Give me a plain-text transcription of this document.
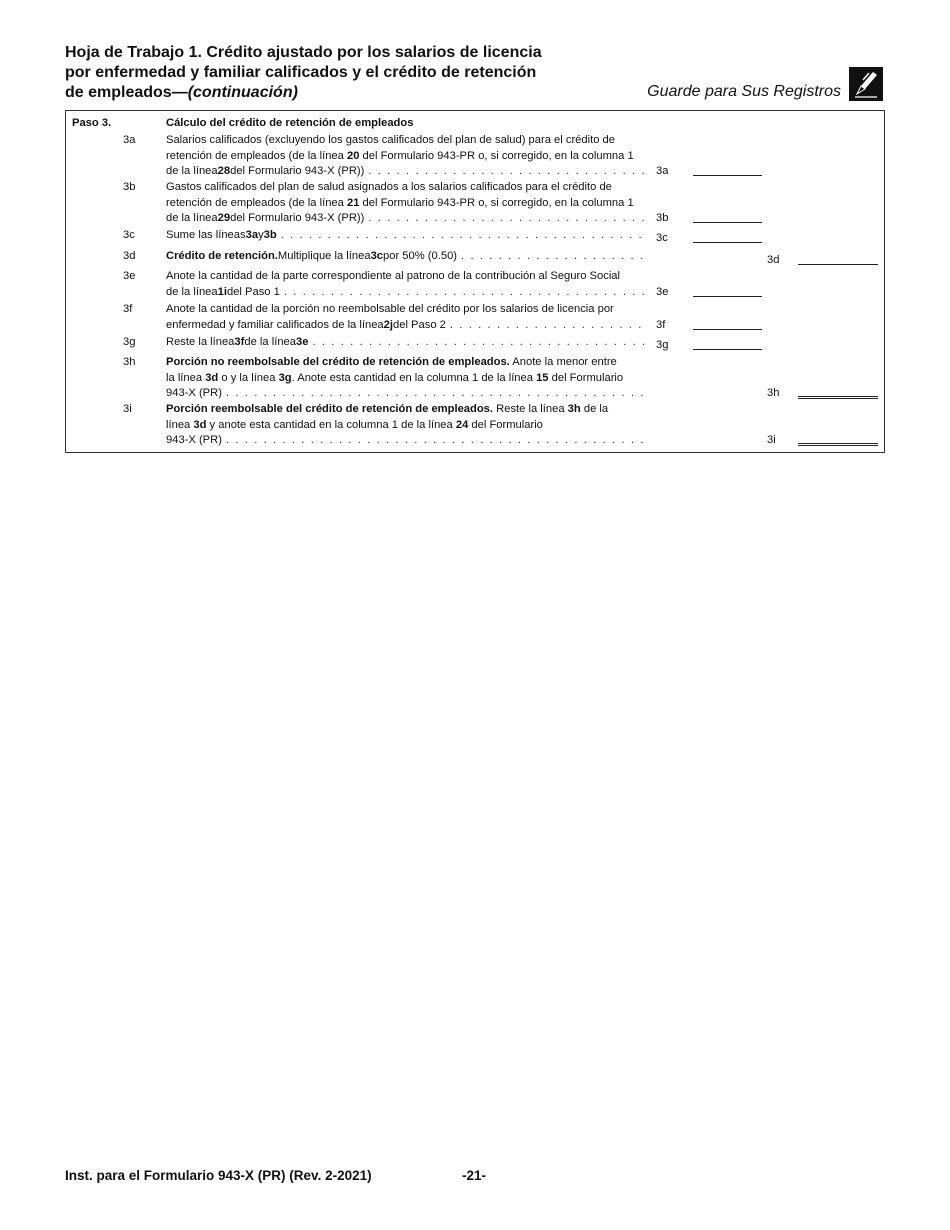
Hoja de Trabajo 1. Crédito ajustado por los salarios de licencia
por enfermedad y familiar calificados y el crédito de retención
de empleados—(continuación)	Guarde para Sus Registros
Paso 3.	Cálculo del crédito de retención de empleados
3a	Salarios calificados (excluyendo los gastos calificados del plan de salud) para el crédito de
retención de empleados (de la línea 20 del Formulario 943-PR o, si corregido, en la columna 1
de la línea 28 del Formulario 943-X (PR)) . . .	3a
3b	Gastos calificados del plan de salud asignados a los salarios calificados para el crédito de
retención de empleados (de la línea 21 del Formulario 943-PR o, si corregido, en la columna 1
de la línea 29 del Formulario 943-X (PR)) . . .	3b
3c	Sume las líneas 3a y 3b . . .	3c
3d	Crédito de retención. Multiplique la línea 3c por 50% (0.50) . . .	3d
3e	Anote la cantidad de la parte correspondiente al patrono de la contribución al Seguro Social
de la línea 1i del Paso 1 . . .	3e
3f	Anote la cantidad de la porción no reembolsable del crédito por los salarios de licencia por
enfermedad y familiar calificados de la línea 2j del Paso 2 . . .	3f
3g	Reste la línea 3f de la línea 3e . . .	3g
3h	Porción no reembolsable del crédito de retención de empleados. Anote la menor entre
la línea 3d o y la línea 3g. Anote esta cantidad en la columna 1 de la línea 15 del Formulario
943-X (PR) . . .	3h
3i	Porción reembolsable del crédito de retención de empleados. Reste la línea 3h de la
línea 3d y anote esta cantidad en la columna 1 de la línea 24 del Formulario
943-X (PR) . . .	3i
Inst. para el Formulario 943-X (PR) (Rev. 2-2021)	-21-
